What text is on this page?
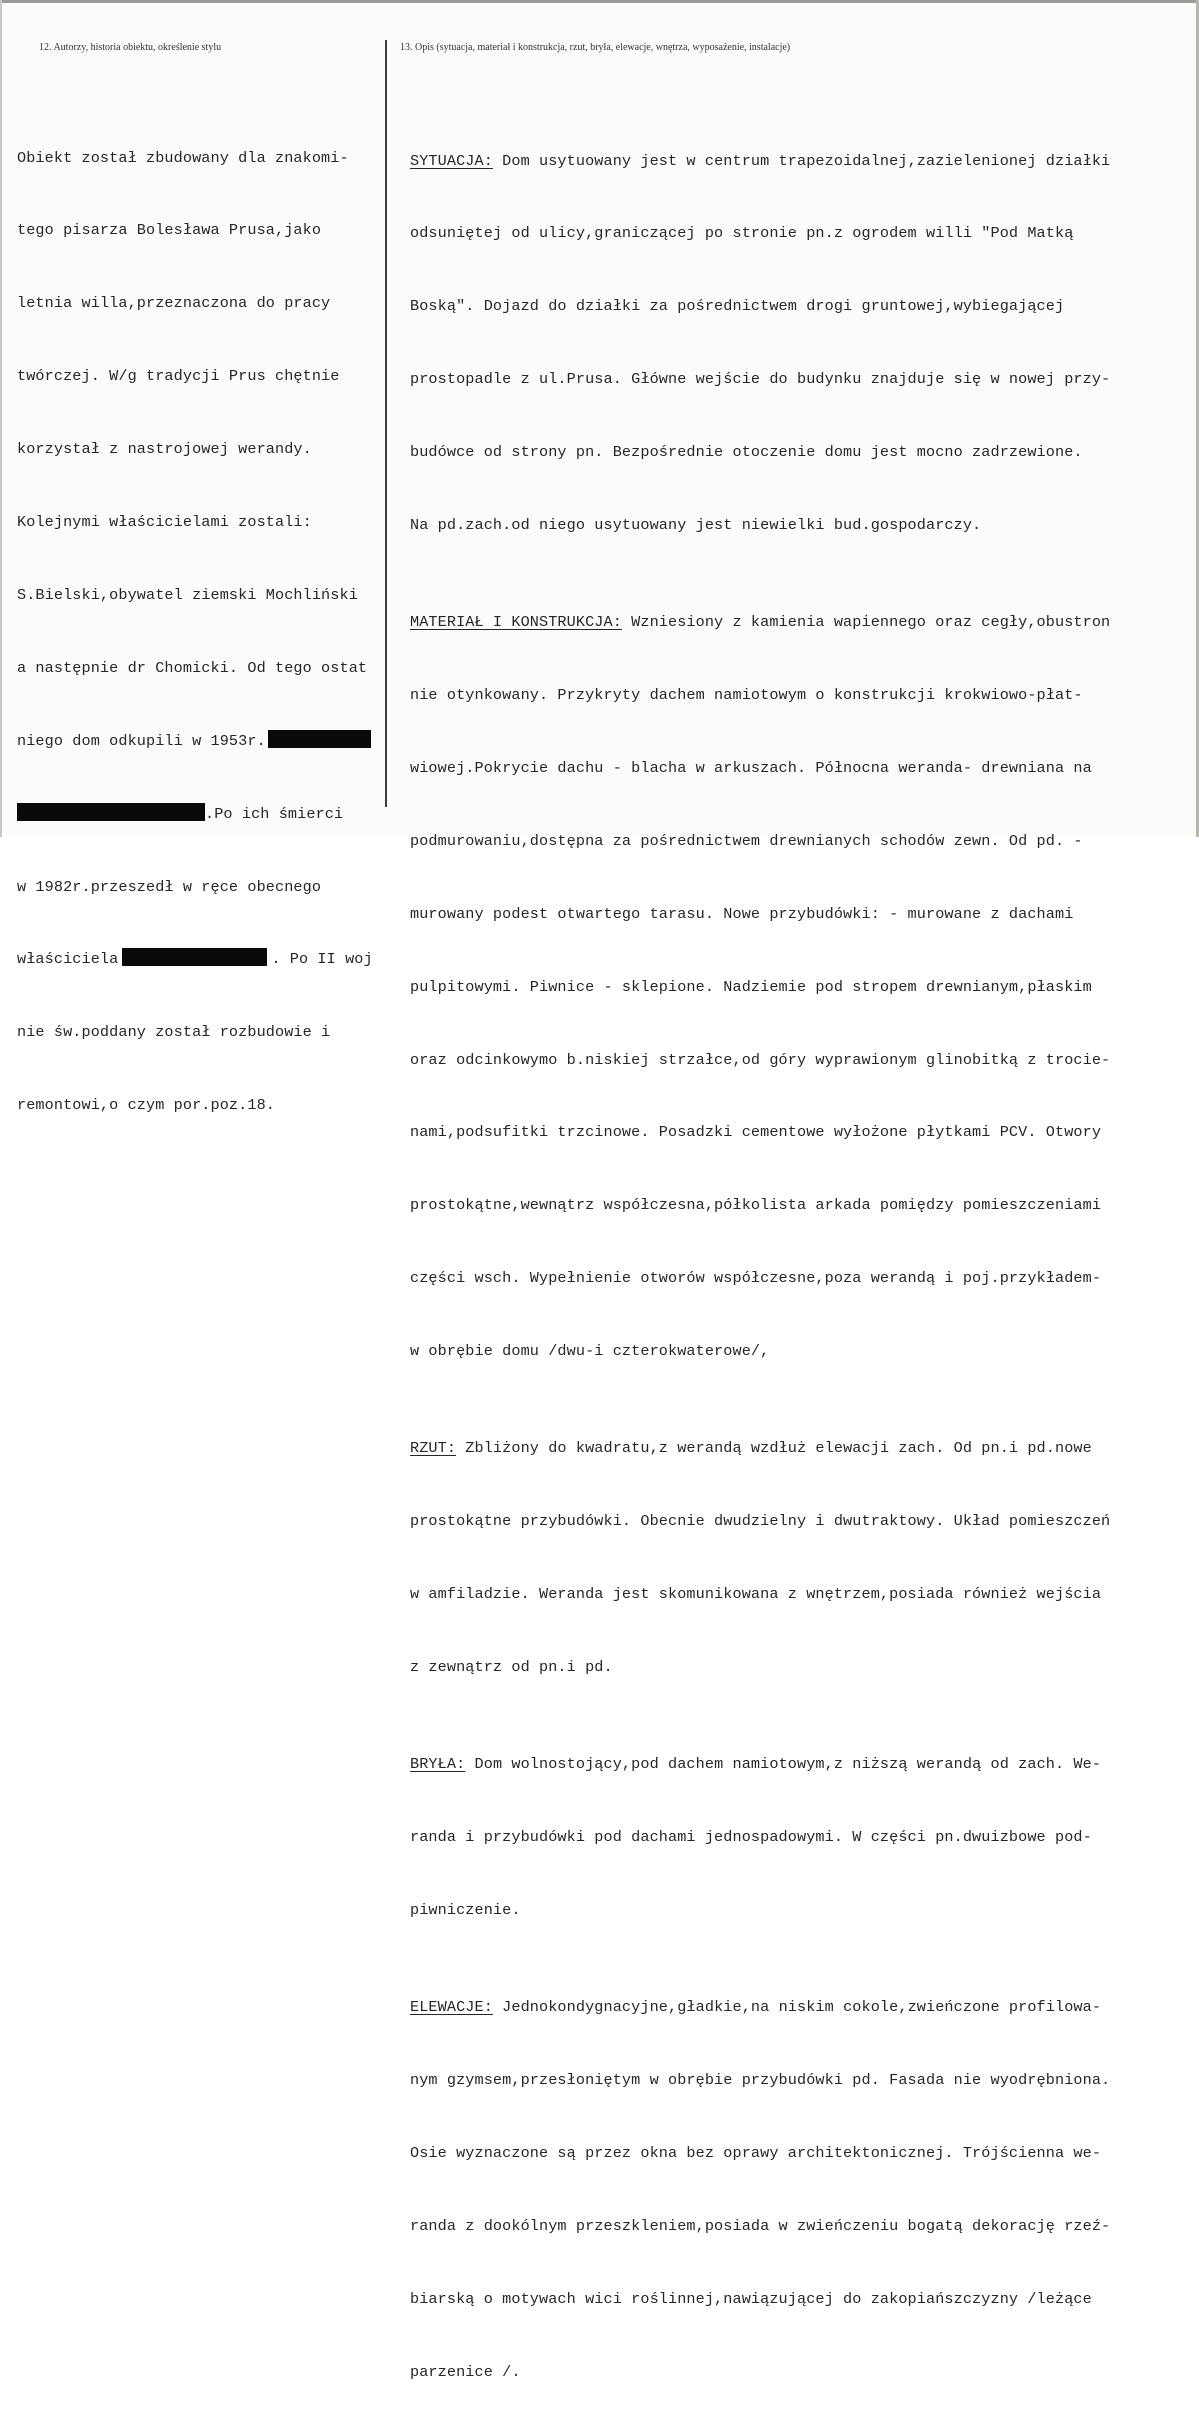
12. Autorzy, historia obiektu, określenie stylu	13. Opis (sytuacja, materiał i konstrukcja, rzut, bryła, elewacje, wnętrza, wyposażenie, instalacje)

Obiekt został zbudowany dla znakomi-

tego pisarza Bolesława Prusa,jako

letnia willa,przeznaczona do pracy

twórczej. W/g tradycji Prus chętnie

korzystał z nastrojowej werandy.

Kolejnymi właścicielami zostali:

S.Bielski,obywatel ziemski Mochliński

a następnie dr Chomicki. Od tego ostat

niego dom odkupili w 1953r.

.Po ich śmierci

w 1982r.przeszedł w ręce obecnego

właściciela	. Po II woj

nie św.poddany został rozbudowie i

remontowi,o czym por.poz.18.

SYTUACJA: Dom usytuowany jest w centrum trapezoidalnej,zazielenionej działki

odsuniętej od ulicy,graniczącej po stronie pn.z ogrodem willi "Pod Matką

Boską". Dojazd do działki za pośrednictwem drogi gruntowej,wybiegającej

prostopadle z ul.Prusa. Główne wejście do budynku znajduje się w nowej przy-

budówce od strony pn. Bezpośrednie otoczenie domu jest mocno zadrzewione.

Na pd.zach.od niego usytuowany jest niewielki bud.gospodarczy.

MATERIAŁ I KONSTRUKCJA: Wzniesiony z kamienia wapiennego oraz cegły,obustron

nie otynkowany. Przykryty dachem namiotowym o konstrukcji krokwiowo-płat-

wiowej.Pokrycie dachu - blacha w arkuszach. Północna weranda- drewniana na

podmurowaniu,dostępna za pośrednictwem drewnianych schodów zewn. Od pd. -

murowany podest otwartego tarasu. Nowe przybudówki: - murowane z dachami

pulpitowymi. Piwnice - sklepione. Nadziemie pod stropem drewnianym,płaskim

oraz odcinkowymo b.niskiej strzałce,od góry wyprawionym glinobitką z trocie-

nami,podsufitki trzcinowe. Posadzki cementowe wyłożone płytkami PCV. Otwory

prostokątne,wewnątrz współczesna,półkolista arkada pomiędzy pomieszczeniami

części wsch. Wypełnienie otworów współczesne,poza werandą i poj.przykładem-

w obrębie domu /dwu-i czterokwaterowe/,

RZUT: Zbliżony do kwadratu,z werandą wzdłuż elewacji zach. Od pn.i pd.nowe

prostokątne przybudówki. Obecnie dwudzielny i dwutraktowy. Układ pomieszczeń

w amfiladzie. Weranda jest skomunikowana z wnętrzem,posiada również wejścia

z zewnątrz od pn.i pd.

BRYŁA: Dom wolnostojący,pod dachem namiotowym,z niższą werandą od zach. We-

randa i przybudówki pod dachami jednospadowymi. W części pn.dwuizbowe pod-

piwniczenie.

ELEWACJE: Jednokondygnacyjne,gładkie,na niskim cokole,zwieńczone profilowa-

nym gzymsem,przesłoniętym w obrębie przybudówki pd. Fasada nie wyodrębniona.

Osie wyznaczone są przez okna bez oprawy architektonicznej. Trójścienna we-

randa z dookólnym przeszkleniem,posiada w zwieńczeniu bogatą dekorację rzeź-

biarską o motywach wici roślinnej,nawiązującej do zakopiańszczyzny /leżące

parzenice /.
